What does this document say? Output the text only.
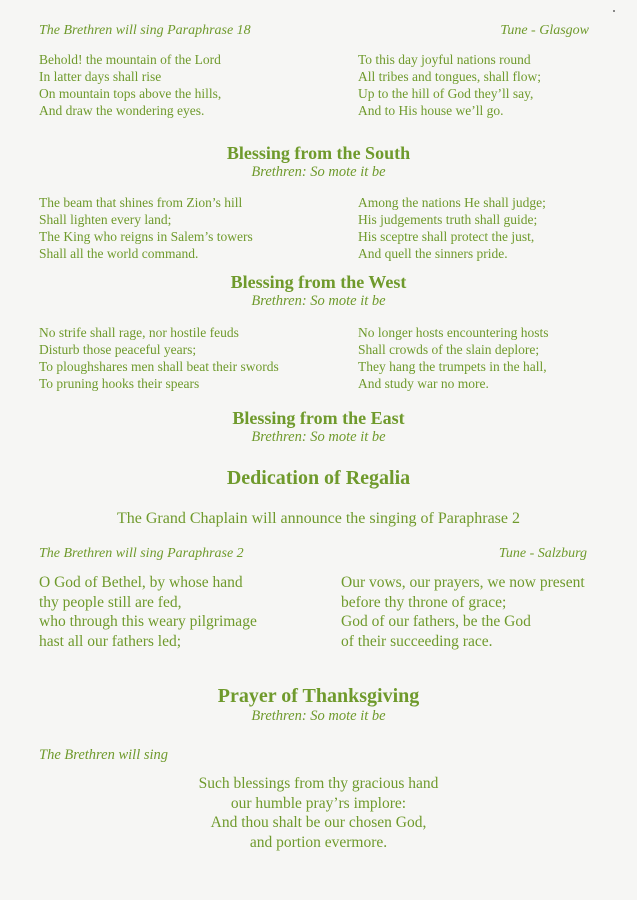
The Brethren will sing Paraphrase 18	Tune - Glasgow
Behold! the mountain of the Lord
In latter days shall rise
On mountain tops above the hills,
And draw the wondering eyes.
To this day joyful nations round
All tribes and tongues, shall flow;
Up to the hill of God they’ll say,
And to His house we’ll go.
Blessing from the South
Brethren: So mote it be
The beam that shines from Zion’s hill
Shall lighten every land;
The King who reigns in Salem’s towers
Shall all the world command.
Among the nations He shall judge;
His judgements truth shall guide;
His sceptre shall protect the just,
And quell the sinners pride.
Blessing from the West
Brethren: So mote it be
No strife shall rage, nor hostile feuds
Disturb those peaceful years;
To ploughshares men shall beat their swords
To pruning hooks their spears
No longer hosts encountering hosts
Shall crowds of the slain deplore;
They hang the trumpets in the hall,
And study war no more.
Blessing from the East
Brethren: So mote it be
Dedication of Regalia
The Grand Chaplain will announce the singing of Paraphrase 2
The Brethren will sing Paraphrase 2	Tune - Salzburg
O God of Bethel, by whose hand
thy people still are fed,
who through this weary pilgrimage
hast all our fathers led;
Our vows, our prayers, we now present
before thy throne of grace;
God of our fathers, be the God
of their succeeding race.
Prayer of Thanksgiving
Brethren: So mote it be
The Brethren will sing
Such blessings from thy gracious hand
our humble pray’rs implore:
And thou shalt be our chosen God,
and portion evermore.
